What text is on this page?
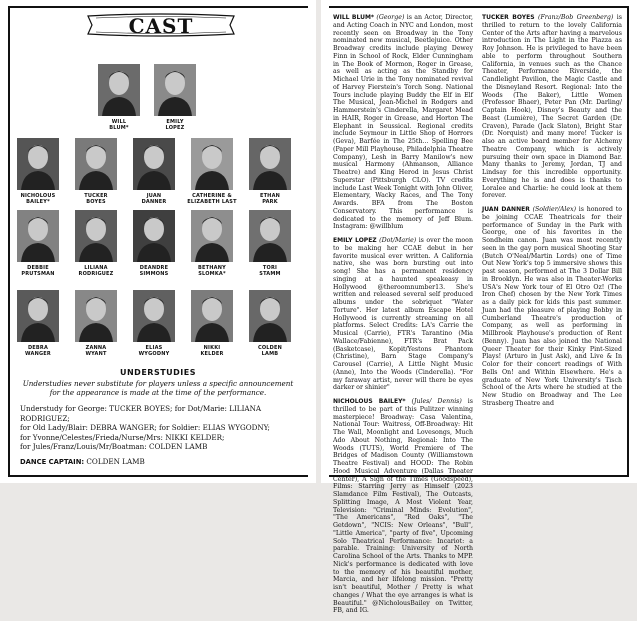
CAST
WILL
BLUM*
EMILY
LOPEZ
NICHOLOUS
BAILEY*
TUCKER
BOYES
JUAN
DANNER
CATHERINE &
ELIZABETH LAST
ETHAN
PARK
DEBBIE
PRUTSMAN
LILIANA
RODRIGUEZ
DEANDRE
SIMMONS
BETHANY
SLOMKA*
TORI
STAMM
DEBRA
WANGER
ZANNA
WYANT
ELIAS
WYGODNY
NIKKI
KELDER
COLDEN
LAMB
UNDERSTUDIES
Understudies never substitute for players unless a specific announcement for the appearance is made at the time of the performance.
Understudy for George: TUCKER BOYES; for Dot/Marie: LILIANA RODRIGUEZ;
for Old Lady/Blair: DEBRA WANGER; for Soldier: ELIAS WYGODNY;
for Yvonne/Celestes/Frieda/Nurse/Mrs: NIKKI KELDER;
for Jules/Franz/Louis/Mr/Boatman: COLDEN LAMB
DANCE CAPTAIN: COLDEN LAMB

WILL BLUM* (George) is an Actor, Director, and Acting Coach in NYC and London, most recently seen on Broadway in the Tony nominated new musical, Beetlejuice. Other Broadway credits include playing Dewey Finn in School of Rock, Elder Cunningham in The Book of Mormon, Roger in Grease, as well as acting as the Standby for Michael Urie in the Tony nominated revival of Harvey Fierstein's Torch Song. National Tours include playing Buddy the Elf in Elf The Musical, Jean-Michel in Rodgers and Hammerstein's Cinderella, Margaret Mead in HAIR, Roger in Grease, and Horton The Elephant in Seussical. Regional credits include Seymour in Little Shop of Horrors (Geva), Barfée in The 25th... Spelling Bee (Paper Mill Playhouse, Philadelphia Theatre Company), Lesh in Barry Manilow's new musical Harmony (Ahmanson, Alliance Theatre) and King Herod in Jesus Christ Superstar (Pittsburgh CLO). TV credits include Last Week Tonight with John Oliver, Elementary, Wacky Races, and The Tony Awards. BFA from The Boston Conservatory. This performance is dedicated to the memory of Jeff Blum. Instagram: @willblum

EMILY LOPEZ (Dot/Marie) is over the moon to be making her CCAE debut in her favorite musical ever written. A California native, she was born bursting out into song! She has a permanent residency singing at a haunted speakeasy in Hollywood @theroomnumber13. She's written and released several self produced albums under the sobriquet "Water Torture". Her latest album Escape Hotel Hollywood is currently streaming on all platforms. Select Credits: LA's Carrie the Musical (Carrie), FTR's Tarantino (Mia Wallace/Fabienne), FTR's Brat Pack (Basketcase), Kopit/Yestons Phantom (Christine), Barn Stage Company's Carousel (Carrie), A Little Night Music (Anne), Into the Woods (Cinderella). "For my faraway artist, never will there be eyes darker or shinier"

NICHOLOUS BAILEY* (Jules/ Dennis) is thrilled to be part of this Pulitzer winning masterpiece! Broadway: Casa Valentina, National Tour: Waitress, Off-Broadway: Hit The Wall, Moonlight and Lovesongs, Much Ado About Nothing, Regional: Into The Woods (TUTS), World Premiere of The Bridges of Madison County (Williamstown Theatre Festival) and HOOD: The Robin Hood Musical Adventure (Dallas Theater Center), A Sign of the Times (Goodspeed), Films: Starring Jerry as Himself (2023 Slamdance Film Festival), The Outcasts, Splitting Image, A Most Violent Year, Television: "Criminal Minds: Evolution", "The Americans", "Red Oaks", "The Getdown", "NCIS: New Orleans", "Bull", "Little America", "party of five", Upcoming Solo Theatrical Performance: Incariot: a parable. Training: University of North Carolina School of the Arts. Thanks to MPP. Nick's performance is dedicated with love to the memory of his beautiful mother, Marcia, and her lifelong mission. "Pretty isn't beautiful, Mother / Pretty is what changes / What the eye arranges is what is Beautiful." @NicholousBailey on Twitter, FB, and IG.

TUCKER BOYES (Franz/Bob Greenberg) is thrilled to return to the lovely California Center of the Arts after having a marvelous introduction in The Light in the Piazza as Roy Johnson. He is privileged to have been able to perform throughout Southern California, in venues such as the Chance Theater, Performance Riverside, the Candlelight Pavilion, the Magic Castle and the Disneyland Resort. Regional: Into the Woods (The Baker), Little Women (Professor Bhaer), Peter Pan (Mr. Darling/ Captain Hook), Disney's Beauty and the Beast (Lumière), The Secret Garden (Dr. Craven), Parade (Jack Slaton), Bright Star (Dr. Norquist) and many more! Tucker is also an active board member for Alchemy Theatre Company, which is actively pursuing their own space in Diamond Bar. Many thanks to Jeremy, Jordan, TJ and Lindsay for this incredible opportunity. Everything he is and does is thanks to Loralee and Charlie: he could look at them forever.

JUAN DANNER (Soldier/Alex) is honored to be joining CCAE Theatricals for their performance of Sunday in the Park with George, one of his favorites in the Sondheim canon. Juan was most recently seen in the gay porn musical Shooting Star (Butch O'Neal/Martin Lords) one of Time Out New York's top 5 immersive shows this past season, performed at The 3 Dollar Bill in Brooklyn. He was also in Theater-Works USA's New York tour of El Otro Oz! (The Iron Chef) chosen by the New York Times as a daily pick for kids this past summer. Juan had the pleasure of playing Bobby in Cumberland Theatre's production of Company, as well as performing in Millbrook Playhouse's production of Rent (Benny). Juan has also joined the National Queer Theater for their Kinky Pint-Sized Plays! (Arturo in Just Ask), and Live & In Color for their concert readings of With Bells On! and Within Elsewhere. He's a graduate of New York University's Tisch School of the Arts where he studied at the New Studio on Broadway and The Lee Strasberg Theatre and
